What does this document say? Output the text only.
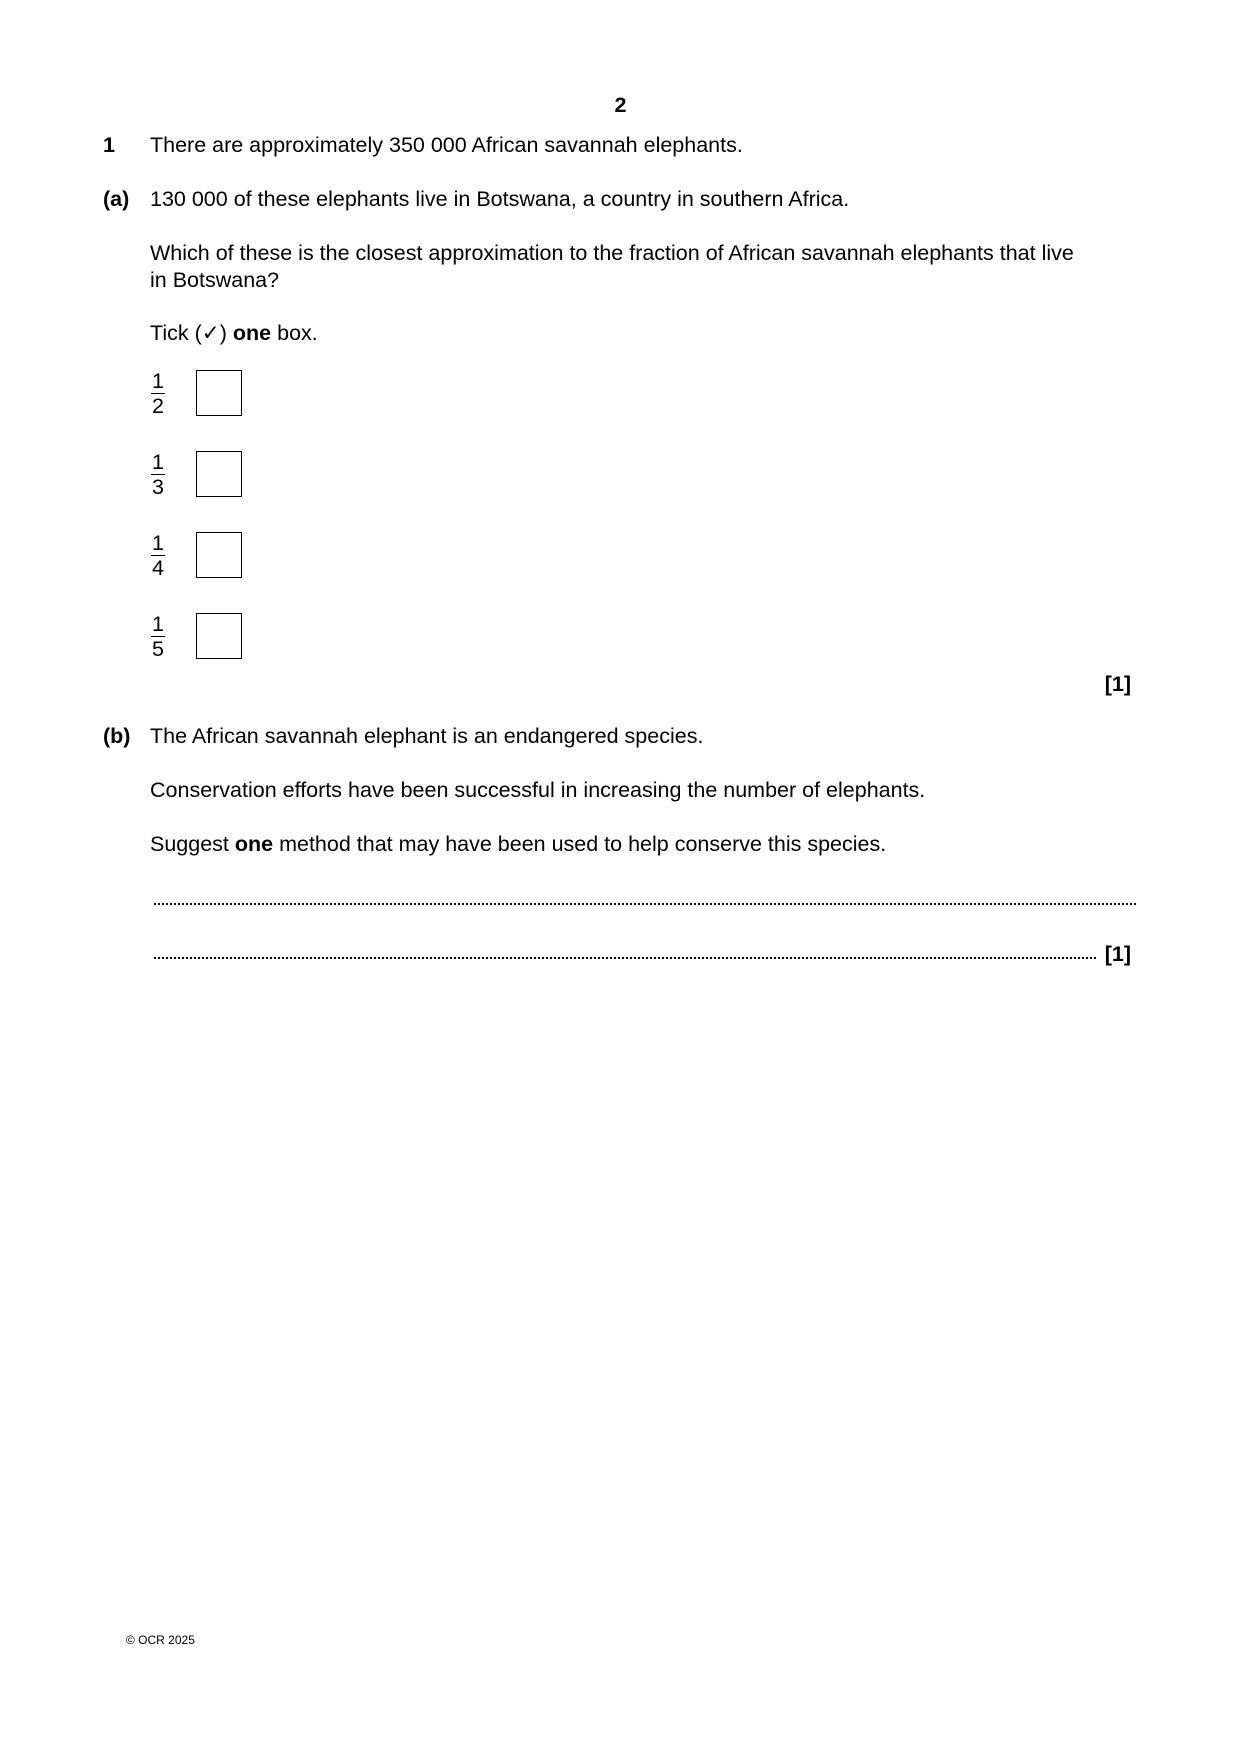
2
1 There are approximately 350 000 African savannah elephants.
(a) 130 000 of these elephants live in Botswana, a country in southern Africa.
Which of these is the closest approximation to the fraction of African savannah elephants that live
in Botswana?
Tick (✓) one box.
1
2
1
3
1
4
1
5
[1]
(b) The African savannah elephant is an endangered species.
Conservation efforts have been successful in increasing the number of elephants.
Suggest one method that may have been used to help conserve this species.
[1]
© OCR 2025
